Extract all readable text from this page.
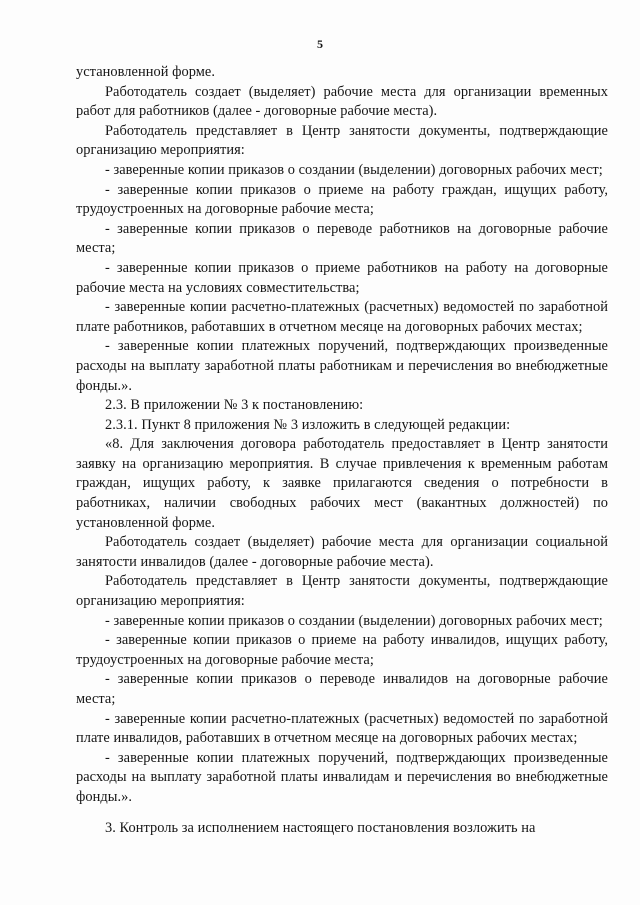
5

установленной форме.

Работодатель создает (выделяет) рабочие места для организации временных работ для работников (далее - договорные рабочие места).

Работодатель представляет в Центр занятости документы, подтверждающие организацию мероприятия:

- заверенные копии приказов о создании (выделении) договорных рабочих мест;

- заверенные копии приказов о приеме на работу граждан, ищущих работу, трудоустроенных на договорные рабочие места;

- заверенные копии приказов о переводе работников на договорные рабочие места;

- заверенные копии приказов о приеме работников на работу на договорные рабочие места на условиях совместительства;

- заверенные копии расчетно-платежных (расчетных) ведомостей по заработной плате работников, работавших в отчетном месяце на договорных рабочих местах;

- заверенные копии платежных поручений, подтверждающих произведенные расходы на выплату заработной платы работникам и перечисления во внебюджетные фонды.».

2.3. В приложении № 3 к постановлению:

2.3.1. Пункт 8 приложения № 3 изложить в следующей редакции:

«8. Для заключения договора работодатель предоставляет в Центр занятости заявку на организацию мероприятия. В случае привлечения к временным работам граждан, ищущих работу, к заявке прилагаются сведения о потребности в работниках, наличии свободных рабочих мест (вакантных должностей) по установленной форме.

Работодатель создает (выделяет) рабочие места для организации социальной занятости инвалидов (далее - договорные рабочие места).

Работодатель представляет в Центр занятости документы, подтверждающие организацию мероприятия:

- заверенные копии приказов о создании (выделении) договорных рабочих мест;

- заверенные копии приказов о приеме на работу инвалидов, ищущих работу, трудоустроенных на договорные рабочие места;

- заверенные копии приказов о переводе инвалидов на договорные рабочие места;

- заверенные копии расчетно-платежных (расчетных) ведомостей по заработной плате инвалидов, работавших в отчетном месяце на договорных рабочих местах;

- заверенные копии платежных поручений, подтверждающих произведенные расходы на выплату заработной платы инвалидам и перечисления во внебюджетные фонды.».

3. Контроль за исполнением настоящего постановления возложить на
